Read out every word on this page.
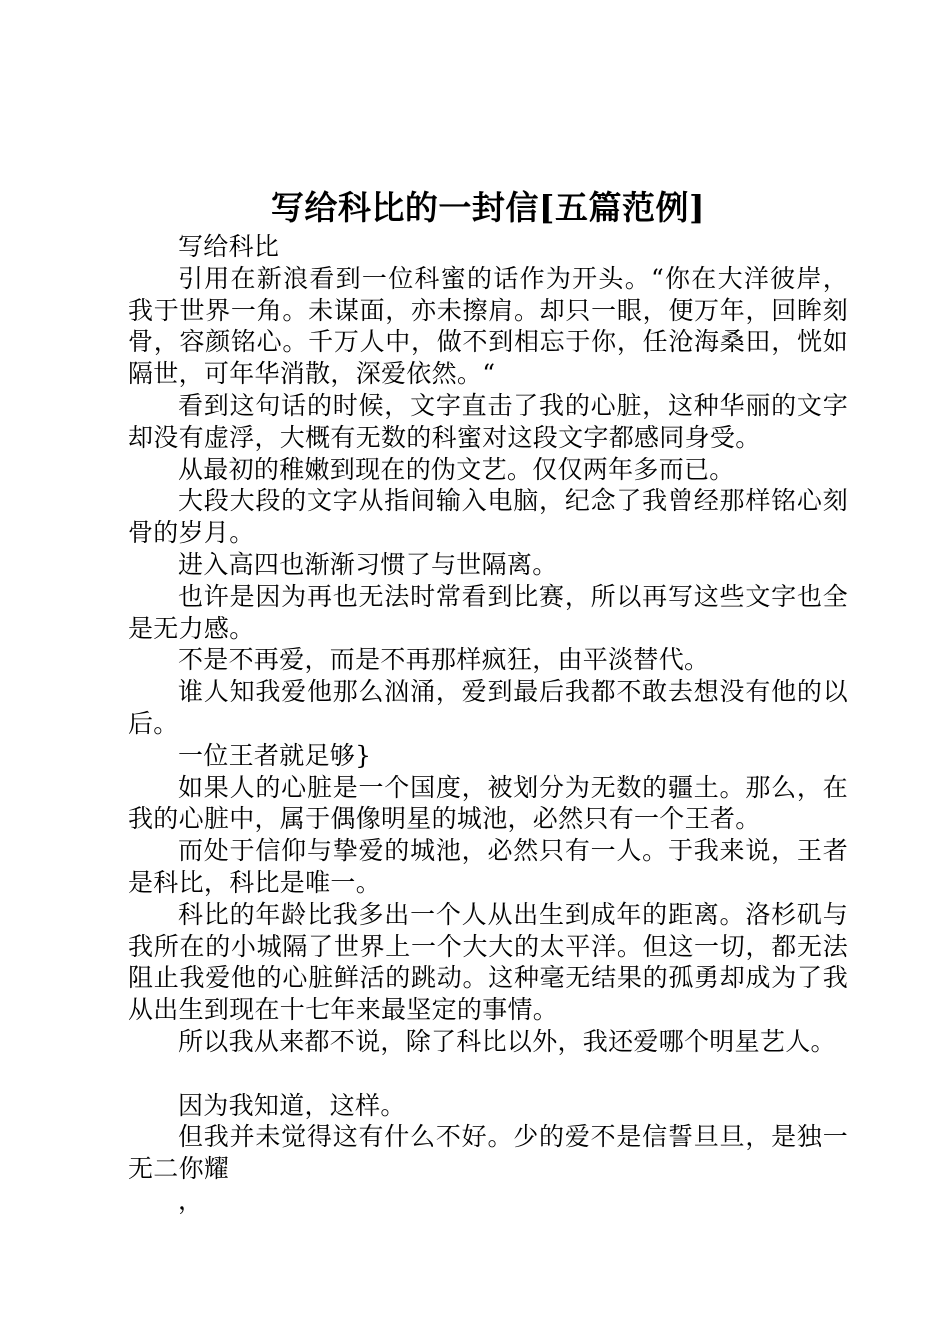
写给科比的一封信[五篇范例]

写给科比

引用在新浪看到一位科蜜的话作为开头。“你在大洋彼岸，我于世界一角。未谋面，亦未擦肩。却只一眼，便万年，回眸刻骨，容颜铭心。千万人中，做不到相忘于你，任沧海桑田，恍如隔世，可年华消散，深爱依然。“

看到这句话的时候，文字直击了我的心脏，这种华丽的文字却没有虚浮，大概有无数的科蜜对这段文字都感同身受。

从最初的稚嫩到现在的伪文艺。仅仅两年多而已。

大段大段的文字从指间输入电脑，纪念了我曾经那样铭心刻骨的岁月。

进入高四也渐渐习惯了与世隔离。

也许是因为再也无法时常看到比赛，所以再写这些文字也全是无力感。

不是不再爱，而是不再那样疯狂，由平淡替代。

谁人知我爱他那么汹涌，爱到最后我都不敢去想没有他的以后。

一位王者就足够}

如果人的心脏是一个国度，被划分为无数的疆土。那么，在我的心脏中，属于偶像明星的城池，必然只有一个王者。

而处于信仰与挚爱的城池，必然只有一人。于我来说，王者是科比，科比是唯一。

科比的年龄比我多出一个人从出生到成年的距离。洛杉矶与我所在的小城隔了世界上一个大大的太平洋。但这一切，都无法阻止我爱他的心脏鲜活的跳动。这种毫无结果的孤勇却成为了我从出生到现在十七年来最坚定的事情。

所以我从来都不说，除了科比以外，我还爱哪个明星艺人。

因为我知道，这样。

但我并未觉得这有什么不好。少的爱不是信誓旦旦，是独一无二你耀

，
